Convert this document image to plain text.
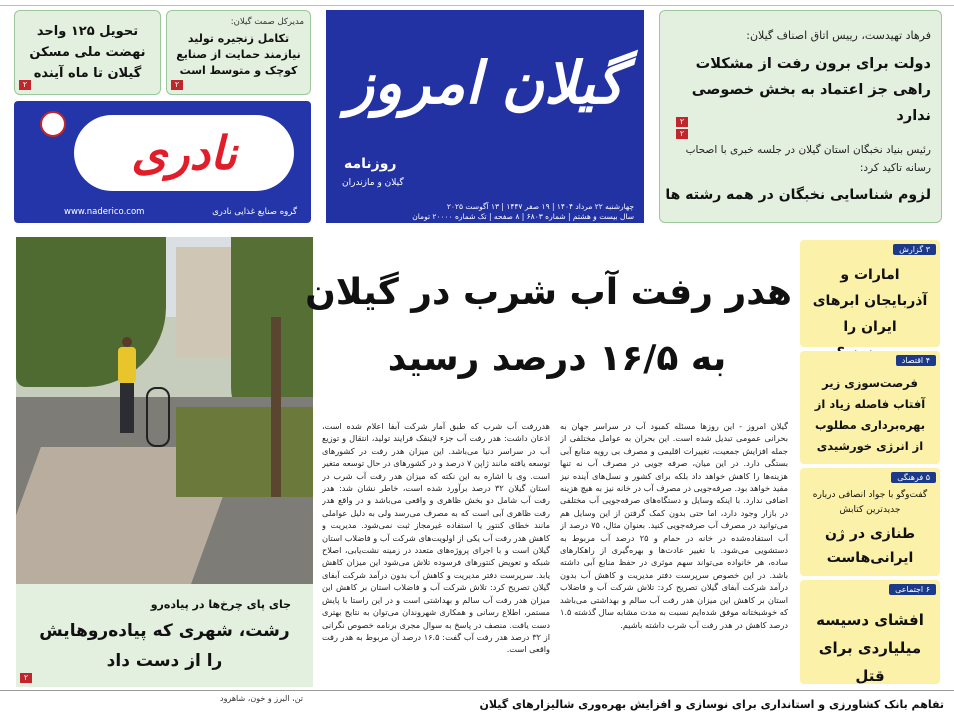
تحویل ۱۲۵ واحد نهضت ملی مسکن گیلان تا ماه آینده
۲
مدیرکل صمت گیلان:
تکامل زنجیره تولید نیازمند حمایت از صنایع کوچک و متوسط است
۲
نادری
گروه صنایع غذایی نادری
www.naderico.com
گیلان امروز
روزنامه
گیلان و مازندران
چهارشنبه ۲۲ مرداد ۱۴۰۴ | ۱۹ صفر ۱۴۴۷ | ۱۳ آگوست ۲۰۲۵
سال بیست و هشتم | شماره ۶۸۰۳ | ۸ صفحه | تک شماره ۲۰۰۰۰ تومان
فرهاد تهیدست، رییس اتاق اصناف گیلان:
دولت برای برون رفت از مشکلات راهی جز اعتماد به بخش خصوصی ندارد
۲
۲
رئیس بنیاد نخبگان استان گیلان در جلسه خبری با اصحاب رسانه تاکید کرد:
لزوم شناسایی نخبگان در همه رشته ها
جای پای چرخ‌ها در پیاده‌رو
رشت، شهری که پیاده‌روهایش را از دست داد
۲
هدر رفت آب شرب در گیلان
به ۱۶/۵ درصد رسید
گیلان امروز - این روزها مسئله کمبود آب در سراسر جهان به بحرانی عمومی تبدیل شده است. این بحران به عوامل مختلفی از جمله افزایش جمعیت، تغییرات اقلیمی و مصرف بی رویه منابع آبی بستگی دارد. در این میان، صرفه جویی در مصرف آب نه تنها هزینه‌ها را کاهش خواهد داد بلکه برای کشور و نسل‌های آینده نیز مفید خواهد بود. صرفه‌جویی در مصرف آب در خانه نیز به هیچ هزینه اضافی ندارد. با اینکه وسایل و دستگاه‌های صرفه‌جویی آب مختلفی در بازار وجود دارد، اما حتی بدون کمک گرفتن از این وسایل هم می‌توانید در مصرف آب صرفه‌جویی کنید. بعنوان مثال، ۷۵ درصد از آب استفاده‌شده در خانه در حمام و ۲۵ درصد آب مربوط به دستشویی می‌شود. با تغییر عادت‌ها و بهره‌گیری از راهکارهای ساده، هر خانواده می‌تواند سهم موثری در حفظ منابع آبی داشته باشد. در این خصوص سرپرست دفتر مدیریت و کاهش آب بدون درآمد شرکت آبفای گیلان تصریح کرد: تلاش شرکت آب و فاضلاب استان بر کاهش این میزان هدر رفت آب سالم و بهداشتی می‌باشد که خوشبختانه موفق شده‌ایم نسبت به مدت مشابه سال گذشته ۱.۵ درصد کاهش در هدر رفت آب شرب داشته باشیم.
هدررفت آب شرب که طبق آمار شرکت آبفا اعلام شده است، اذعان داشت: هدر رفت آب جزء لاینفک فرایند تولید، انتقال و توزیع آب در سراسر دنیا می‌باشد. این میزان هدر رفت در کشورهای توسعه یافته مانند ژاپن ۷ درصد و در کشورهای در حال توسعه متغیر است. وی با اشاره به این نکته که میزان هدر رفت آب شرب در استان گیلان ۳۲ درصد برآورد شده است، خاطر نشان شد: هدر رفت آب شامل دو بخش ظاهری و واقعی می‌باشد و در واقع هدر رفت ظاهری آبی است که به مصرف می‌رسد ولی به دلیل عواملی مانند خطای کنتور یا استفاده غیرمجاز ثبت نمی‌شود. مدیریت و کاهش هدر رفت آب یکی از اولویت‌های شرکت آب و فاضلاب استان گیلان است و با اجرای پروژه‌های متعدد در زمینه نشت‌یابی، اصلاح شبکه و تعویض کنتورهای فرسوده تلاش می‌شود این میزان کاهش یابد. سرپرست دفتر مدیریت و کاهش آب بدون درآمد شرکت آبفای گیلان تصریح کرد: تلاش شرکت آب و فاضلاب استان بر کاهش این میزان هدر رفت آب سالم و بهداشتی است و در این راستا با پایش مستمر، اطلاع رسانی و همکاری شهروندان می‌توان به نتایج بهتری دست یافت. منصف در پاسخ به سوال مجری برنامه خصوص نگرانی از ۳۲ درصد هدر رفت آب گفت: ۱۶.۵ درصد آن مربوط به هدر رفت واقعی است.
۳ گزارش
امارات و آذربایجان ابرهای ایران را
۴ اقتصاد
فرصت‌سوزی زیر آفتاب فاصله زیاد از بهره‌برداری مطلوب از انرژی خورشیدی
۵ فرهنگی
گفت‌وگو با جواد انصافی درباره جدیدترین کتابش
طنازی در ژن ایرانی‌هاست
۶ اجتماعی
افشای دسیسه میلیاردی برای قتل
تن، البرز و خون، شاهرود	تفاهم بانک کشاورزی و استانداری برای نوسازی و افزایش بهره‌وری شالیزارهای گیلان
